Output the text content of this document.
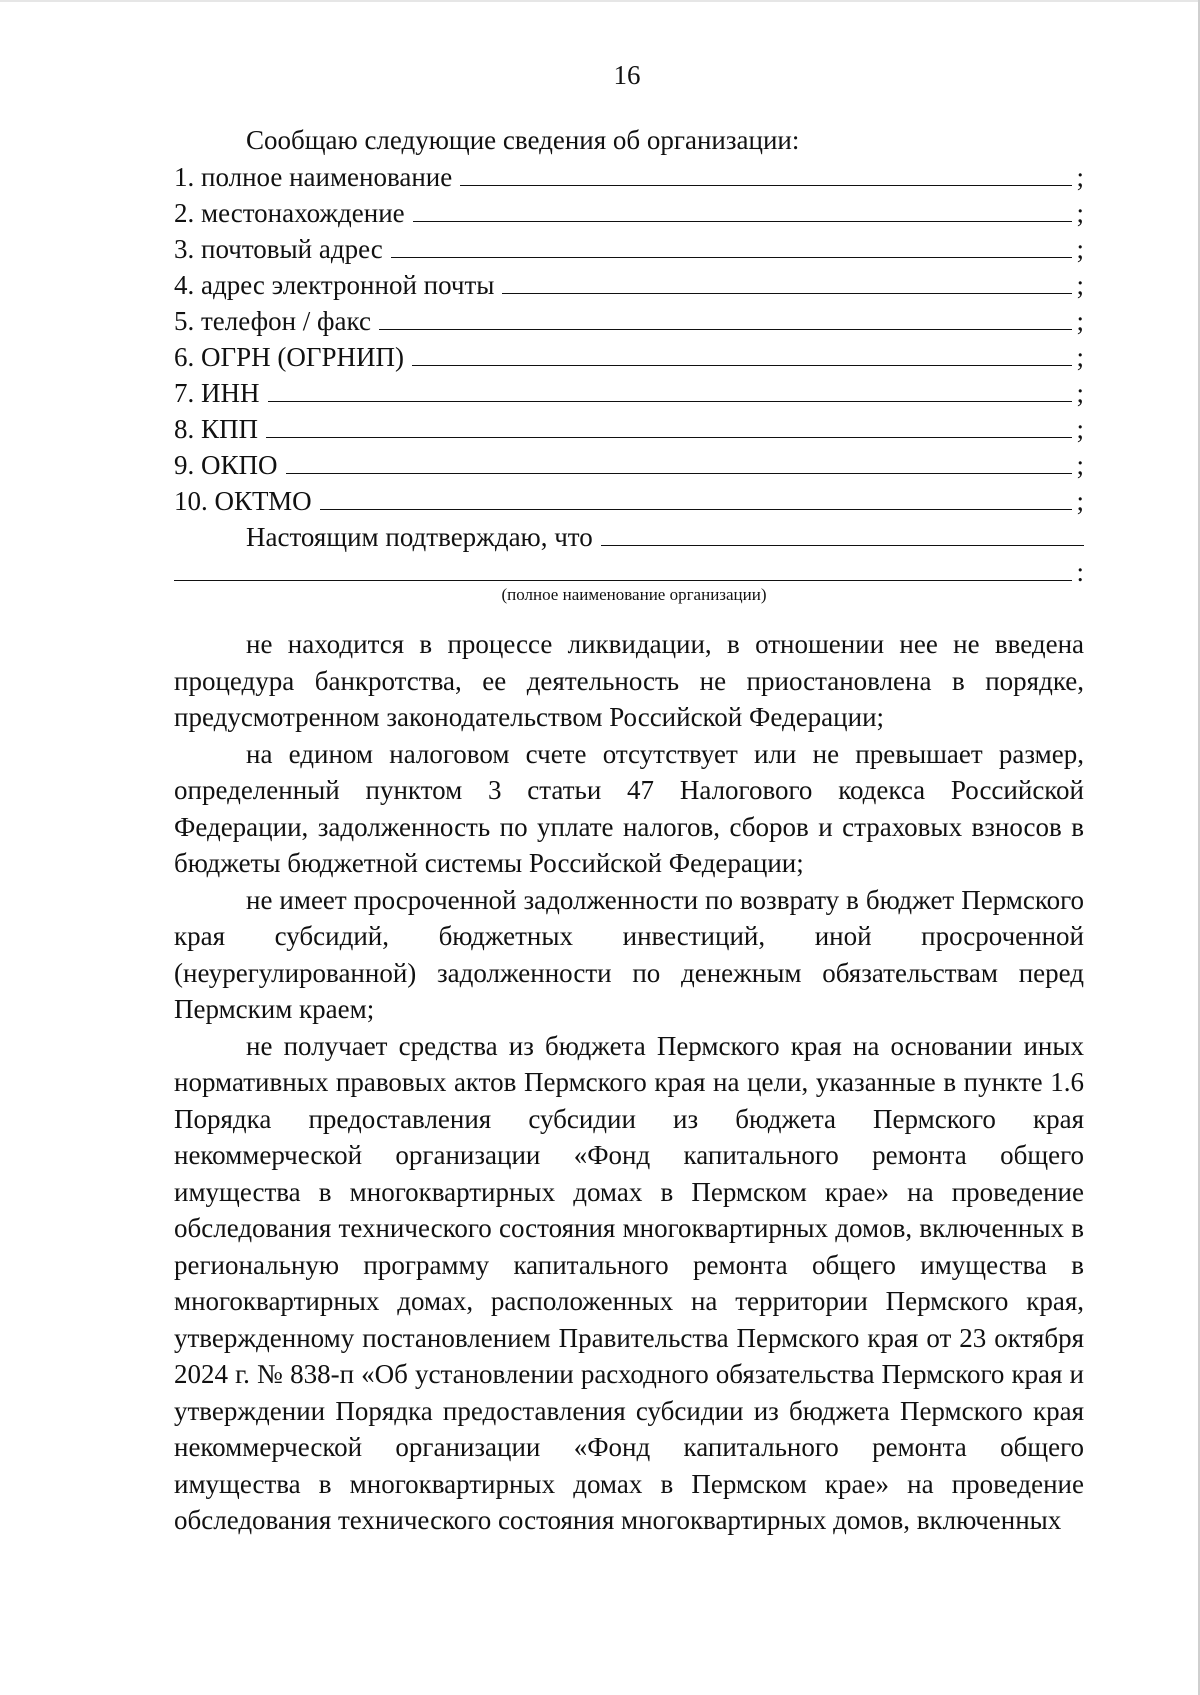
16

Сообщаю следующие сведения об организации:

1. полное наименование	;
2. местонахождение	;
3. почтовый адрес	;
4. адрес электронной почты	;
5. телефон / факс	;
6. ОГРН (ОГРНИП)	;
7. ИНН	;
8. КПП	;
9. ОКПО	;
10. ОКТМО	;
Настоящим подтверждаю, что
:
(полное наименование организации)

не находится в процессе ликвидации, в отношении нее не введена процедура банкротства, ее деятельность не приостановлена в порядке, предусмотренном законодательством Российской Федерации;

на едином налоговом счете отсутствует или не превышает размер, определенный пунктом 3 статьи 47 Налогового кодекса Российской Федерации, задолженность по уплате налогов, сборов и страховых взносов в бюджеты бюджетной системы Российской Федерации;

не имеет просроченной задолженности по возврату в бюджет Пермского края субсидий, бюджетных инвестиций, иной просроченной (неурегулированной) задолженности по денежным обязательствам перед Пермским краем;

не получает средства из бюджета Пермского края на основании иных нормативных правовых актов Пермского края на цели, указанные в пункте 1.6 Порядка предоставления субсидии из бюджета Пермского края некоммерческой организации «Фонд капитального ремонта общего имущества в многоквартирных домах в Пермском крае» на проведение обследования технического состояния многоквартирных домов, включенных в региональную программу капитального ремонта общего имущества в многоквартирных домах, расположенных на территории Пермского края, утвержденному постановлением Правительства Пермского края от 23 октября 2024 г. № 838-п «Об установлении расходного обязательства Пермского края и утверждении Порядка предоставления субсидии из бюджета Пермского края некоммерческой организации «Фонд капитального ремонта общего имущества в многоквартирных домах в Пермском крае» на проведение обследования технического состояния многоквартирных домов, включенных
